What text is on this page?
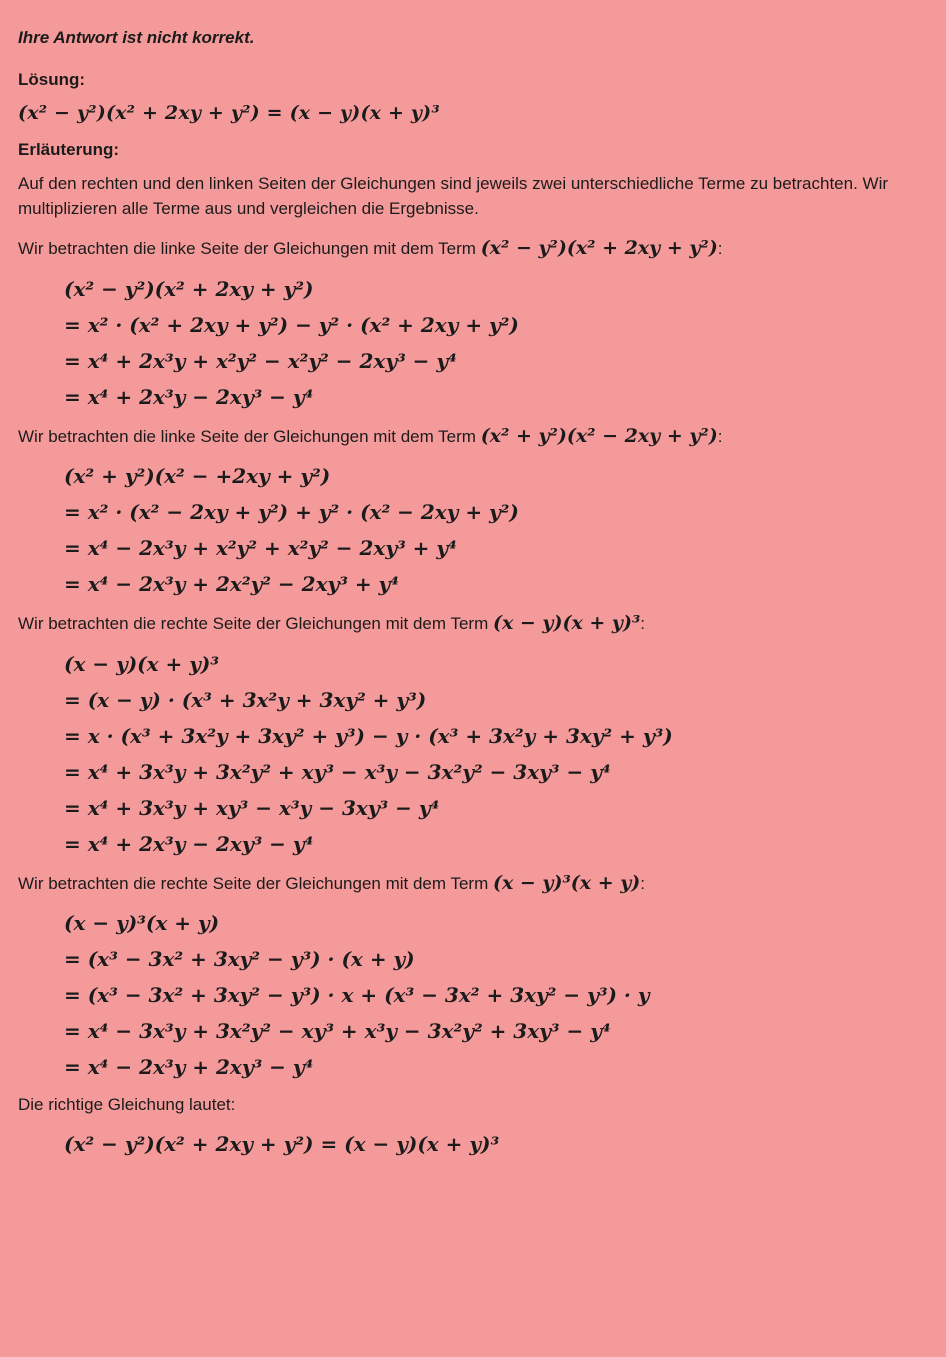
Ihre Antwort ist nicht korrekt.
Lösung:
(x² − y²)(x² + 2xy + y²) = (x − y)(x + y)³
Erläuterung:
Auf den rechten und den linken Seiten der Gleichungen sind jeweils zwei unterschiedliche Terme zu betrachten. Wir multiplizieren alle Terme aus und vergleichen die Ergebnisse.
Wir betrachten die linke Seite der Gleichungen mit dem Term (x² − y²)(x² + 2xy + y²):
(x² − y²)(x² + 2xy + y²)
= x² · (x² + 2xy + y²) − y² · (x² + 2xy + y²)
= x⁴ + 2x³y + x²y² − x²y² − 2xy³ − y⁴
= x⁴ + 2x³y − 2xy³ − y⁴
Wir betrachten die linke Seite der Gleichungen mit dem Term (x² + y²)(x² − 2xy + y²):
(x² + y²)(x² − +2xy + y²)
= x² · (x² − 2xy + y²) + y² · (x² − 2xy + y²)
= x⁴ − 2x³y + x²y² + x²y² − 2xy³ + y⁴
= x⁴ − 2x³y + 2x²y² − 2xy³ + y⁴
Wir betrachten die rechte Seite der Gleichungen mit dem Term (x − y)(x + y)³:
(x − y)(x + y)³
= (x − y) · (x³ + 3x²y + 3xy² + y³)
= x · (x³ + 3x²y + 3xy² + y³) − y · (x³ + 3x²y + 3xy² + y³)
= x⁴ + 3x³y + 3x²y² + xy³ − x³y − 3x²y² − 3xy³ − y⁴
= x⁴ + 3x³y + xy³ − x³y − 3xy³ − y⁴
= x⁴ + 2x³y − 2xy³ − y⁴
Wir betrachten die rechte Seite der Gleichungen mit dem Term (x − y)³(x + y):
(x − y)³(x + y)
= (x³ − 3x² + 3xy² − y³) · (x + y)
= (x³ − 3x² + 3xy² − y³) · x + (x³ − 3x² + 3xy² − y³) · y
= x⁴ − 3x³y + 3x²y² − xy³ + x³y − 3x²y² + 3xy³ − y⁴
= x⁴ − 2x³y + 2xy³ − y⁴
Die richtige Gleichung lautet:
(x² − y²)(x² + 2xy + y²) = (x − y)(x + y)³
